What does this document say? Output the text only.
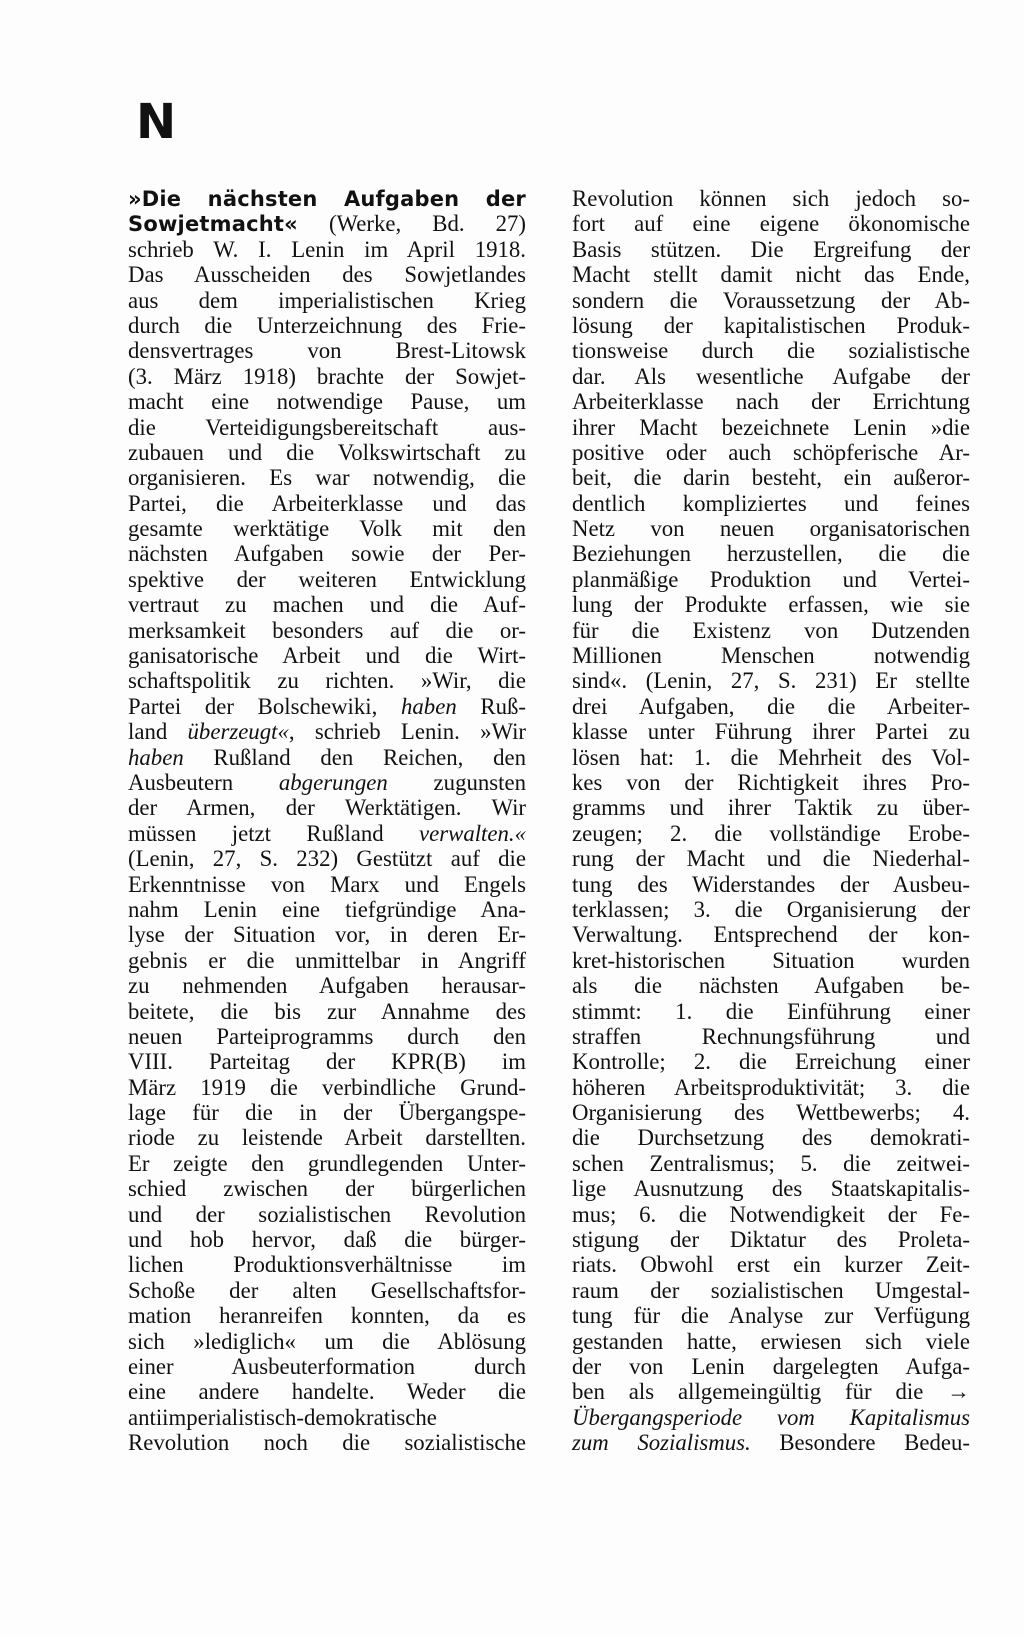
N
»Die nächsten Aufgaben der
Sowjetmacht« (Werke, Bd. 27)
schrieb W. I. Lenin im April 1918.
Das Ausscheiden des Sowjetlandes
aus dem imperialistischen Krieg
durch die Unterzeichnung des Frie-
densvertrages von Brest-Litowsk
(3. März 1918) brachte der Sowjet-
macht eine notwendige Pause, um
die Verteidigungsbereitschaft aus-
zubauen und die Volkswirtschaft zu
organisieren. Es war notwendig, die
Partei, die Arbeiterklasse und das
gesamte werktätige Volk mit den
nächsten Aufgaben sowie der Per-
spektive der weiteren Entwicklung
vertraut zu machen und die Auf-
merksamkeit besonders auf die or-
ganisatorische Arbeit und die Wirt-
schaftspolitik zu richten. »Wir, die
Partei der Bolschewiki, haben Ruß-
land überzeugt«, schrieb Lenin. »Wir
haben Rußland den Reichen, den
Ausbeutern abgerungen zugunsten
der Armen, der Werktätigen. Wir
müssen jetzt Rußland verwalten.«
(Lenin, 27, S. 232) Gestützt auf die
Erkenntnisse von Marx und Engels
nahm Lenin eine tiefgründige Ana-
lyse der Situation vor, in deren Er-
gebnis er die unmittelbar in Angriff
zu nehmenden Aufgaben herausar-
beitete, die bis zur Annahme des
neuen Parteiprogramms durch den
VIII. Parteitag der KPR(B) im
März 1919 die verbindliche Grund-
lage für die in der Übergangspe-
riode zu leistende Arbeit darstellten.
Er zeigte den grundlegenden Unter-
schied zwischen der bürgerlichen
und der sozialistischen Revolution
und hob hervor, daß die bürger-
lichen Produktionsverhältnisse im
Schoße der alten Gesellschaftsfor-
mation heranreifen konnten, da es
sich »lediglich« um die Ablösung
einer Ausbeuterformation durch
eine andere handelte. Weder die
antiimperialistisch-demokratische
Revolution noch die sozialistische
Revolution können sich jedoch so-
fort auf eine eigene ökonomische
Basis stützen. Die Ergreifung der
Macht stellt damit nicht das Ende,
sondern die Voraussetzung der Ab-
lösung der kapitalistischen Produk-
tionsweise durch die sozialistische
dar. Als wesentliche Aufgabe der
Arbeiterklasse nach der Errichtung
ihrer Macht bezeichnete Lenin »die
positive oder auch schöpferische Ar-
beit, die darin besteht, ein außeror-
dentlich kompliziertes und feines
Netz von neuen organisatorischen
Beziehungen herzustellen, die die
planmäßige Produktion und Vertei-
lung der Produkte erfassen, wie sie
für die Existenz von Dutzenden
Millionen Menschen notwendig
sind«. (Lenin, 27, S. 231) Er stellte
drei Aufgaben, die die Arbeiter-
klasse unter Führung ihrer Partei zu
lösen hat: 1. die Mehrheit des Vol-
kes von der Richtigkeit ihres Pro-
gramms und ihrer Taktik zu über-
zeugen; 2. die vollständige Erobe-
rung der Macht und die Niederhal-
tung des Widerstandes der Ausbeu-
terklassen; 3. die Organisierung der
Verwaltung. Entsprechend der kon-
kret-historischen Situation wurden
als die nächsten Aufgaben be-
stimmt: 1. die Einführung einer
straffen Rechnungsführung und
Kontrolle; 2. die Erreichung einer
höheren Arbeitsproduktivität; 3. die
Organisierung des Wettbewerbs; 4.
die Durchsetzung des demokrati-
schen Zentralismus; 5. die zeitwei-
lige Ausnutzung des Staatskapitalis-
mus; 6. die Notwendigkeit der Fe-
stigung der Diktatur des Proleta-
riats. Obwohl erst ein kurzer Zeit-
raum der sozialistischen Umgestal-
tung für die Analyse zur Verfügung
gestanden hatte, erwiesen sich viele
der von Lenin dargelegten Aufga-
ben als allgemeingültig für die →
Übergangsperiode vom Kapitalismus
zum Sozialismus. Besondere Bedeu-
